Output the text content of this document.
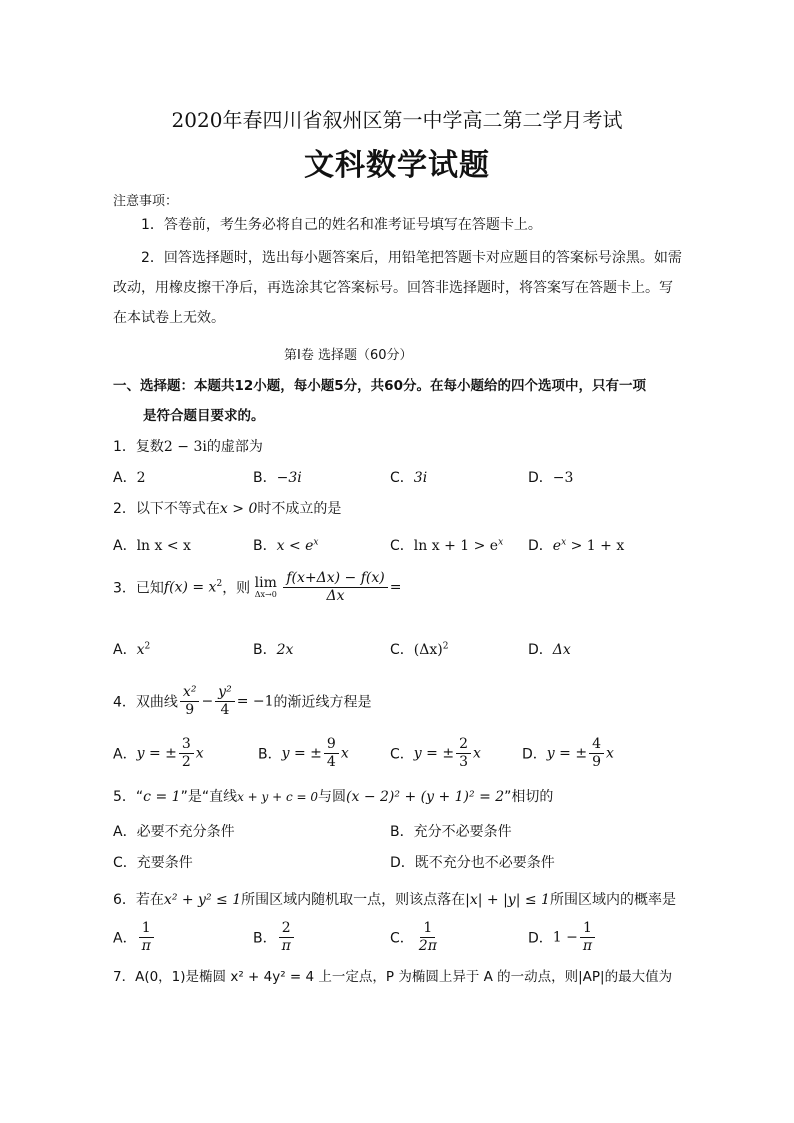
2020年春四川省叙州区第一中学高二第二学月考试
文科数学试题
注意事项：
1．答卷前，考生务必将自己的姓名和准考证号填写在答题卡上。
2．回答选择题时，选出每小题答案后，用铅笔把答题卡对应题目的答案标号涂黑。如需改动，用橡皮擦干净后，再选涂其它答案标号。回答非选择题时，将答案写在答题卡上。写在本试卷上无效。
第Ⅰ卷 选择题（60分）
一、选择题：本题共12小题，每小题5分，共60分。在每小题给的四个选项中，只有一项
是符合题目要求的。
1．复数2 − 3i的虚部为
A．2	B．−3i	C．3i	D．−3
2．以下不等式在x > 0时不成立的是
A．ln x < x	B．$x < e^x$	C．$\ln x + 1 > e^x$ D．$e^x > 1 + x$
3．已知$f(x) = x^2$，则 lim
Δx→0
$\frac{f(x+\Delta x) - f(x)}{\Delta x}$ =
A．$x^2$	B．2x	C．$(\Delta x)^2$	D．Δx
4．双曲线 $\frac{\text{x²}}{9} - \frac{\text{y²}}{4} = -1$的渐近线方程是
A．y = ± $\frac{3}{2}$ x	B．y = ± $\frac{9}{4}$ x	C．y = ± $\frac{2}{3}$ x	D．y = ± $\frac{4}{9}$ x
5．“c = 1”是“直线x + y + c = 0与圆(x − 2)² + (y + 1)² = 2”相切的
A．必要不充分条件	B．充分不必要条件
C．充要条件	D．既不充分也不必要条件
6．若在x² + y² ≤ 1所围区域内随机取一点，则该点落在|x| + |y| ≤ 1所围区域内的概率是
A． $\frac{1}{\pi}$	B． $\frac{2}{\pi}$	C． $\frac{1}{2\pi}$	D．$1 - \frac{1}{\pi}$
7．A(0，1)是椭圆 x² + 4y² = 4 上一定点，P 为椭圆上异于 A 的一动点，则|AP|的最大值为
